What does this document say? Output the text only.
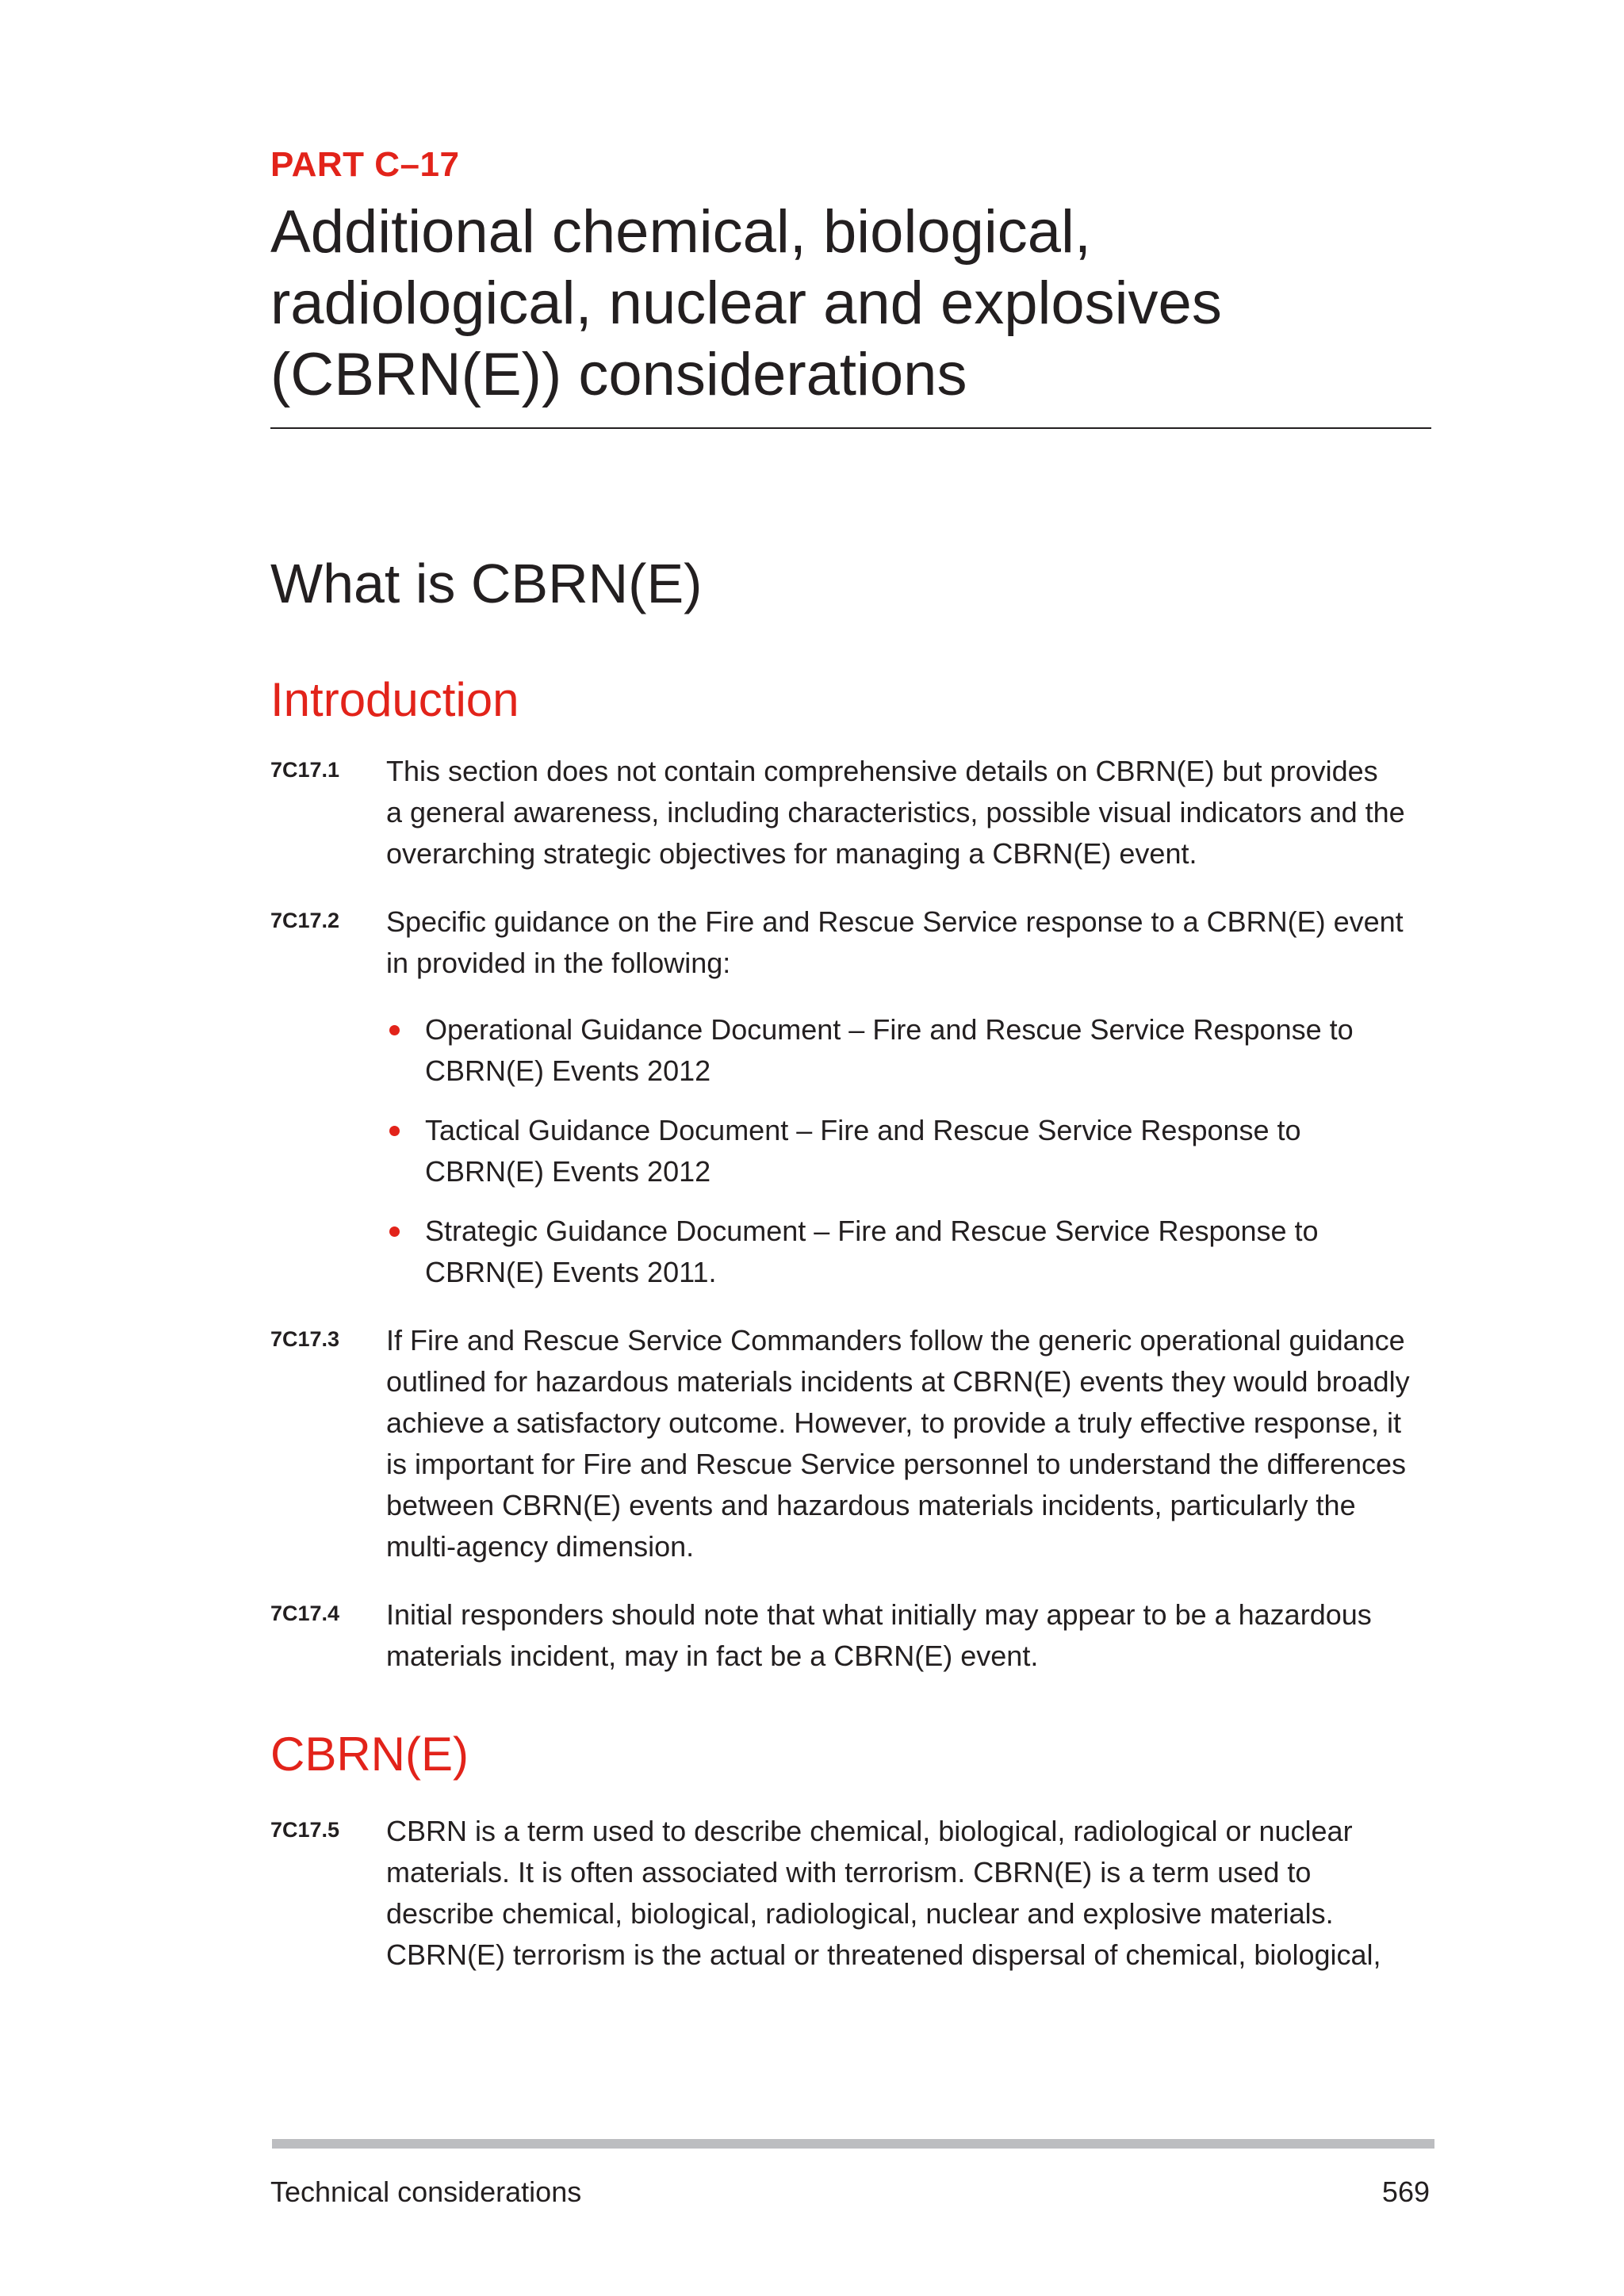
PART C–17
Additional chemical, biological,
radiological, nuclear and explosives
(CBRN(E)) considerations
What is CBRN(E)
Introduction
7C17.1 This section does not contain comprehensive details on CBRN(E) but provides
a general awareness, including characteristics, possible visual indicators and the
overarching strategic objectives for managing a CBRN(E) event.
7C17.2 Specific guidance on the Fire and Rescue Service response to a CBRN(E) event
in provided in the following:
Operational Guidance Document – Fire and Rescue Service Response to
CBRN(E) Events 2012
Tactical Guidance Document – Fire and Rescue Service Response to
CBRN(E) Events 2012
Strategic Guidance Document – Fire and Rescue Service Response to
CBRN(E) Events 2011.
7C17.3 If Fire and Rescue Service Commanders follow the generic operational guidance
outlined for hazardous materials incidents at CBRN(E) events they would broadly
achieve a satisfactory outcome. However, to provide a truly effective response, it
is important for Fire and Rescue Service personnel to understand the differences
between CBRN(E) events and hazardous materials incidents, particularly the
multi-agency dimension.
7C17.4 Initial responders should note that what initially may appear to be a hazardous
materials incident, may in fact be a CBRN(E) event.
CBRN(E)
7C17.5 CBRN is a term used to describe chemical, biological, radiological or nuclear
materials. It is often associated with terrorism. CBRN(E) is a term used to
describe chemical, biological, radiological, nuclear and explosive materials.
CBRN(E) terrorism is the actual or threatened dispersal of chemical, biological,
Technical considerations	569
